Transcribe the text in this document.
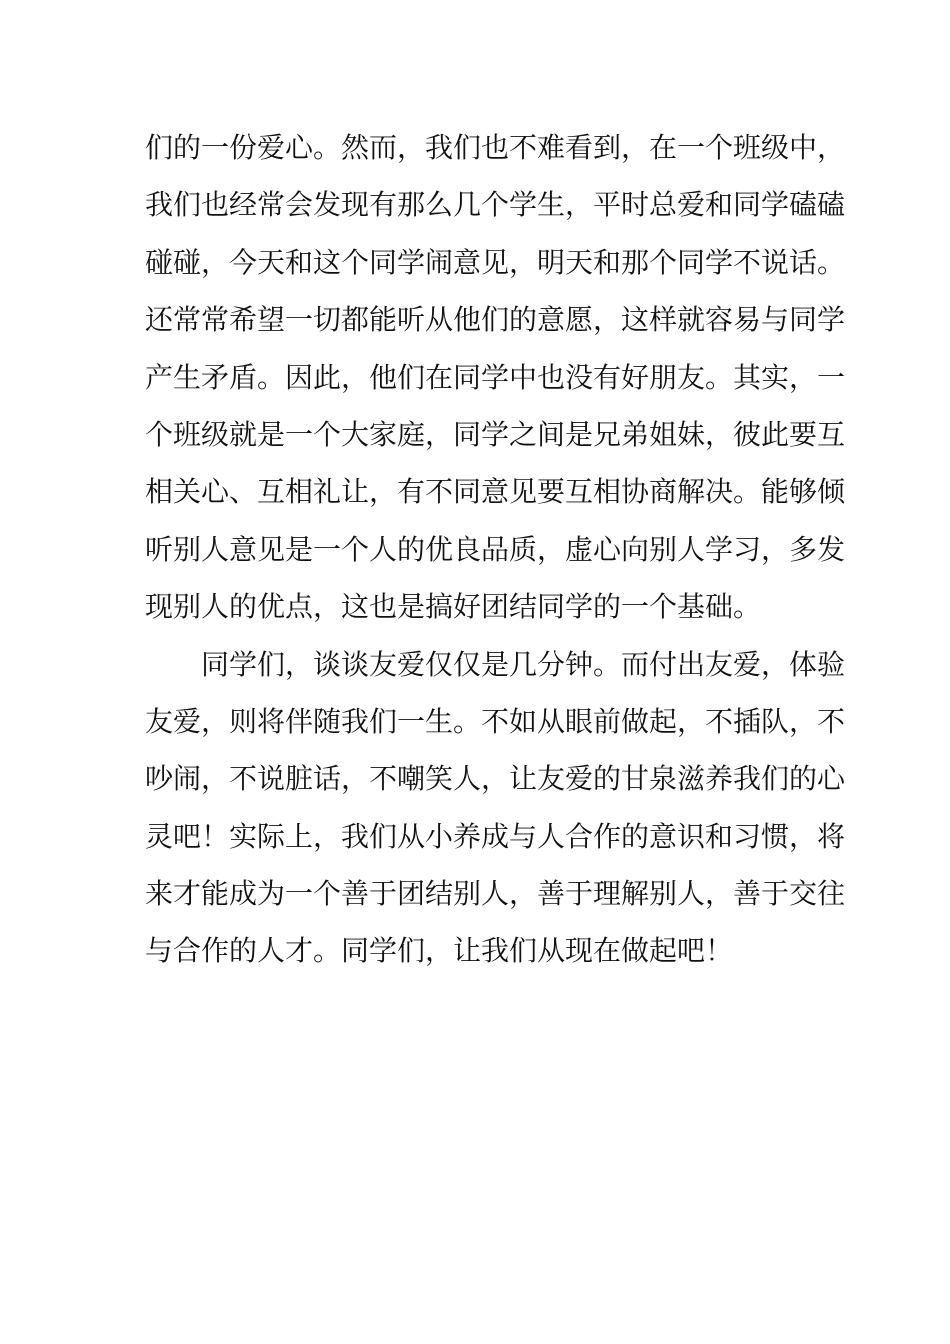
们的一份爱心。然而，我们也不难看到，在一个班级中，
我们也经常会发现有那么几个学生，平时总爱和同学磕磕
碰碰，今天和这个同学闹意见，明天和那个同学不说话。
还常常希望一切都能听从他们的意愿，这样就容易与同学
产生矛盾。因此，他们在同学中也没有好朋友。其实，一
个班级就是一个大家庭，同学之间是兄弟姐妹，彼此要互
相关心、互相礼让，有不同意见要互相协商解决。能够倾
听别人意见是一个人的优良品质，虚心向别人学习，多发
现别人的优点，这也是搞好团结同学的一个基础。
同学们，谈谈友爱仅仅是几分钟。而付出友爱，体验
友爱，则将伴随我们一生。不如从眼前做起，不插队，不
吵闹，不说脏话，不嘲笑人，让友爱的甘泉滋养我们的心
灵吧！实际上，我们从小养成与人合作的意识和习惯，将
来才能成为一个善于团结别人，善于理解别人，善于交往
与合作的人才。同学们，让我们从现在做起吧！
